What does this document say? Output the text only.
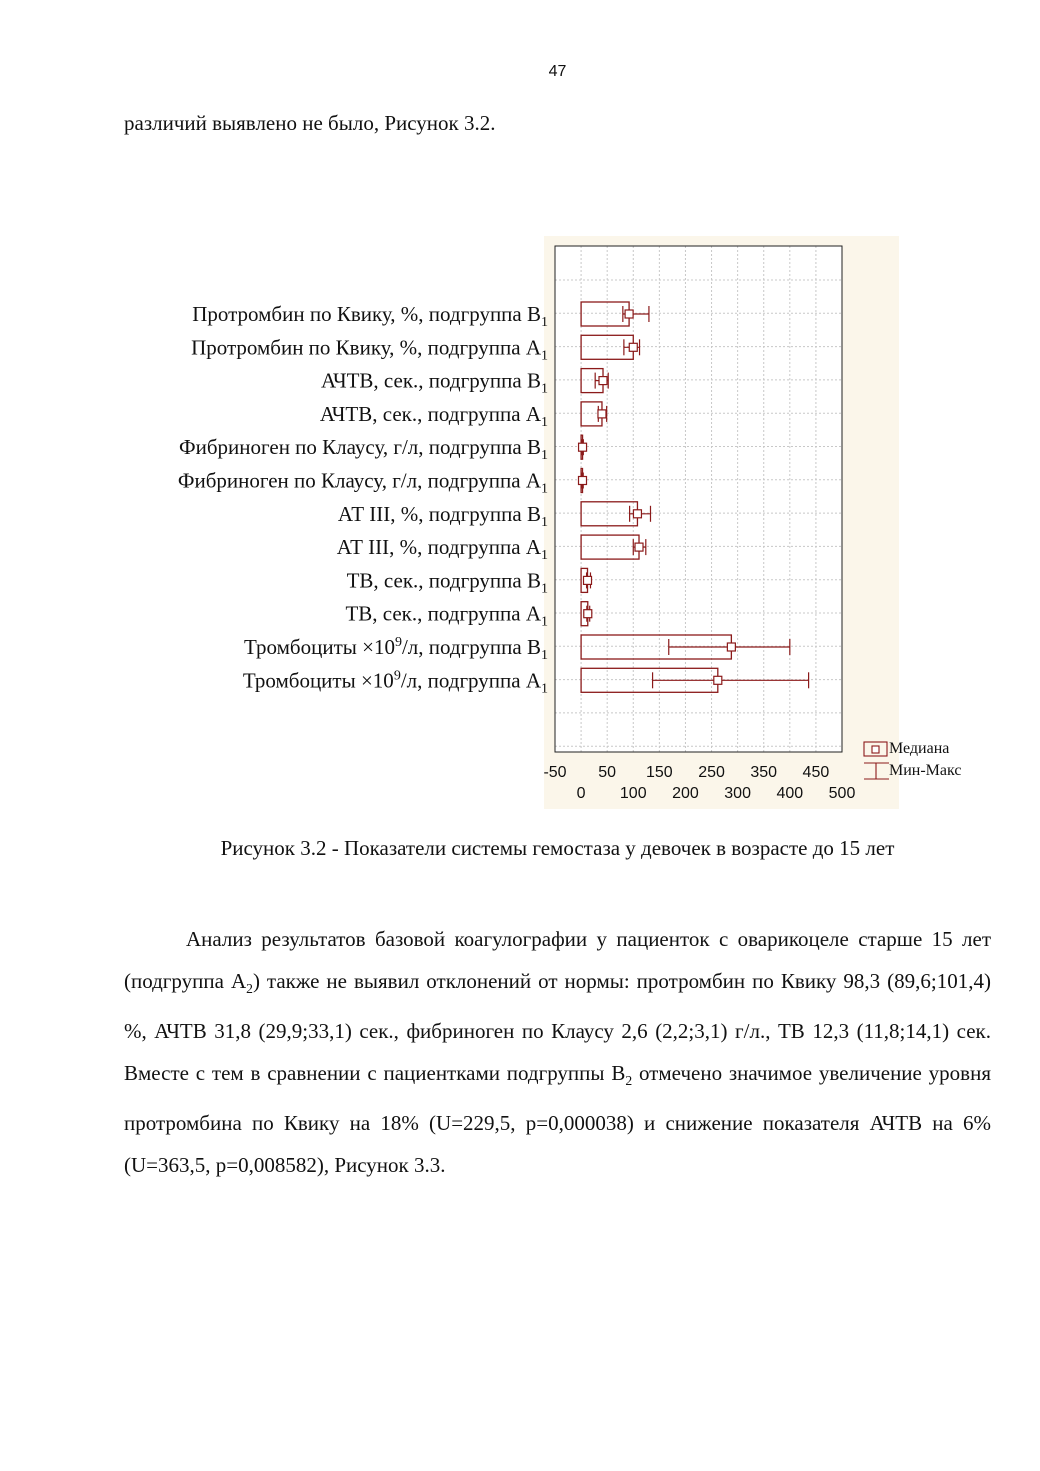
47
различий выявлено не было, Рисунок 3.2.
Протромбин по Квику, %, подгруппа $В_1$
Протромбин по Квику, %, подгруппа $А_1$
АЧТВ, сек., подгруппа $В_1$
АЧТВ, сек., подгруппа $А_1$
Фибриноген по Клаусу, г/л, подгруппа $В_1$
Фибриноген по Клаусу, г/л, подгруппа $А_1$
АТ III, %, подгруппа $В_1$
АТ III, %, подгруппа $А_1$
ТВ, сек., подгруппа $В_1$
ТВ, сек., подгруппа $А_1$
Тромбоциты $\times 10^9/л$, подгруппа $В_1$
Тромбоциты $\times 10^9/л$, подгруппа $А_1$
-50 50 150 250 350 450
0 100 200 300 400 500
Медиана
Мин-Макс
Рисунок 3.2 - Показатели системы гемостаза у девочек в возрасте до 15 лет

Анализ результатов базовой коагулографии у пациенток с оварикоцеле старше 15 лет (подгруппа $А_2$) также не выявил отклонений от нормы: протромбин по Квику 98,3 (89,6;101,4) %, АЧТВ 31,8 (29,9;33,1) сек., фибриноген по Клаусу 2,6 (2,2;3,1) г/л., ТВ 12,3 (11,8;14,1) сек. Вместе с тем в сравнении с пациентками подгруппы $В_2$ отмечено значимое увеличение уровня протромбина по Квику на 18% (U=229,5, p=0,000038) и снижение показателя АЧТВ на 6% (U=363,5, p=0,008582), Рисунок 3.3.
